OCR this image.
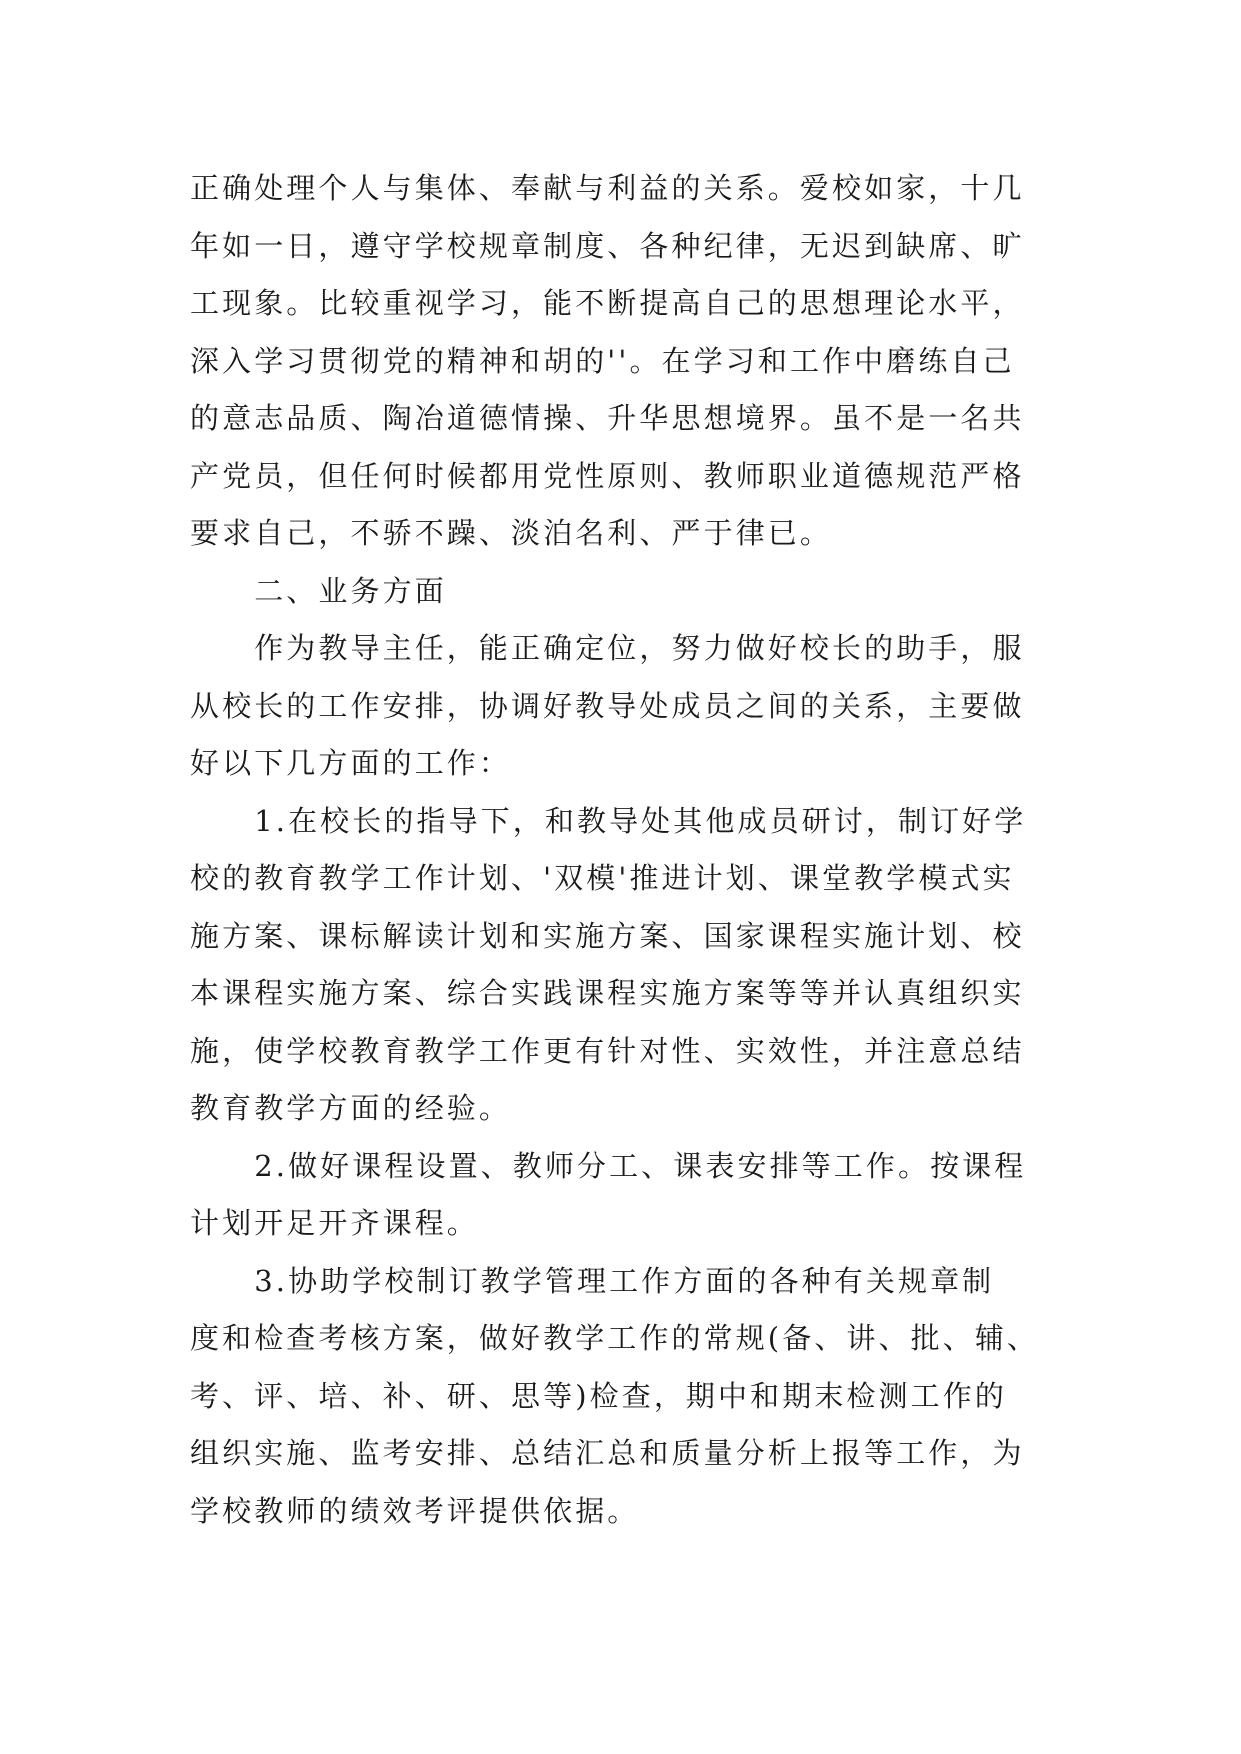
正确处理个人与集体、奉献与利益的关系。爱校如家，十几
年如一日，遵守学校规章制度、各种纪律，无迟到缺席、旷
工现象。比较重视学习，能不断提高自己的思想理论水平，
深入学习贯彻党的精神和胡的''。在学习和工作中磨练自己
的意志品质、陶冶道德情操、升华思想境界。虽不是一名共
产党员，但任何时候都用党性原则、教师职业道德规范严格
要求自己，不骄不躁、淡泊名利、严于律已。
　　二、业务方面
　　作为教导主任，能正确定位，努力做好校长的助手，服
从校长的工作安排，协调好教导处成员之间的关系，主要做
好以下几方面的工作：
　　1.在校长的指导下，和教导处其他成员研讨，制订好学
校的教育教学工作计划、'双模'推进计划、课堂教学模式实
施方案、课标解读计划和实施方案、国家课程实施计划、校
本课程实施方案、综合实践课程实施方案等等并认真组织实
施，使学校教育教学工作更有针对性、实效性，并注意总结
教育教学方面的经验。
　　2.做好课程设置、教师分工、课表安排等工作。按课程
计划开足开齐课程。
　　3.协助学校制订教学管理工作方面的各种有关规章制
度和检查考核方案，做好教学工作的常规(备、讲、批、辅、
考、评、培、补、研、思等)检查，期中和期末检测工作的
组织实施、监考安排、总结汇总和质量分析上报等工作，为
学校教师的绩效考评提供依据。
